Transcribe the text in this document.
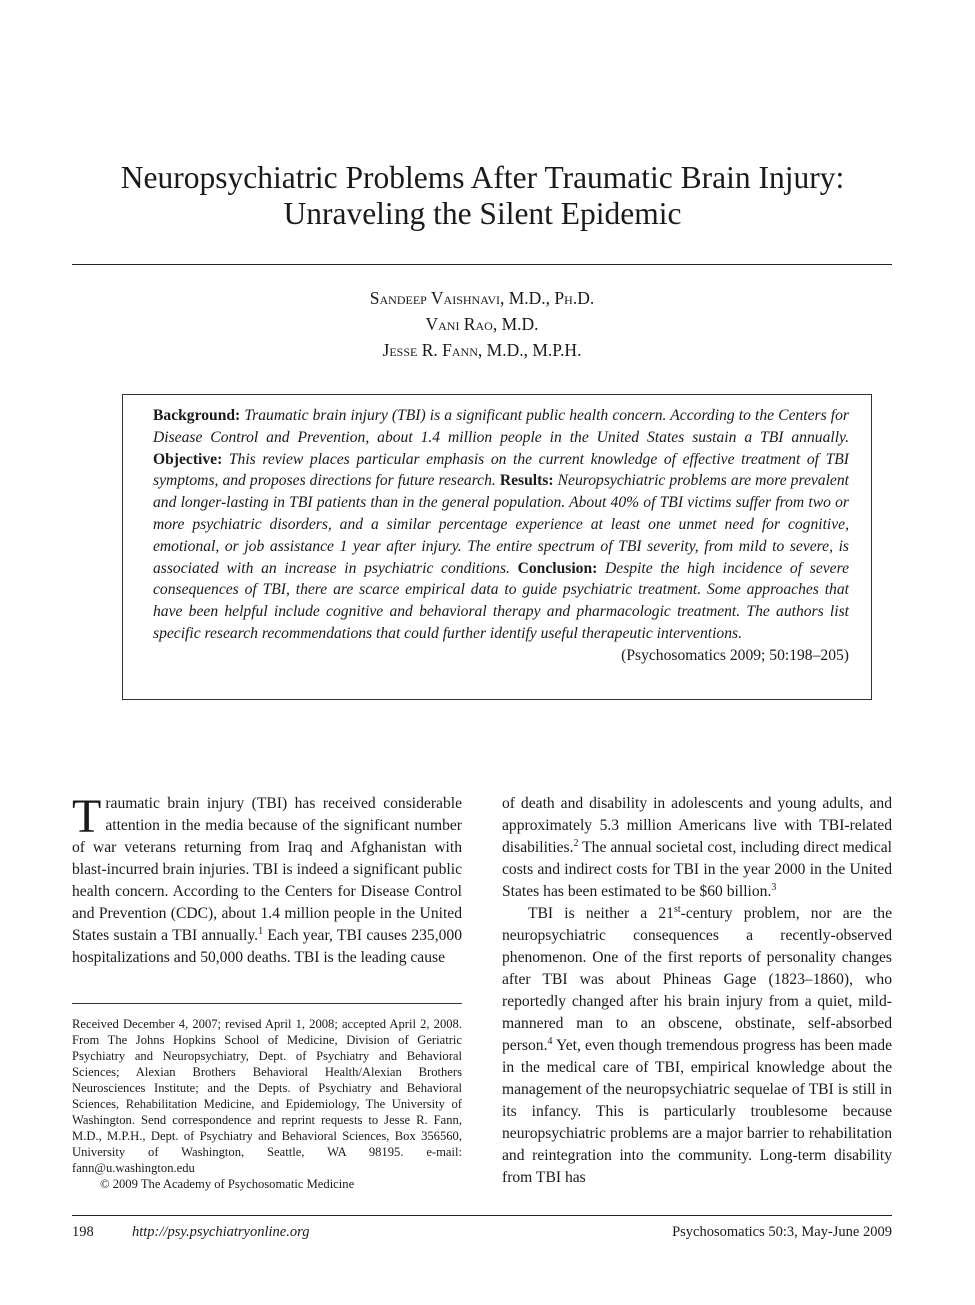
Neuropsychiatric Problems After Traumatic Brain Injury:
Unraveling the Silent Epidemic
Sandeep Vaishnavi, M.D., Ph.D.
Vani Rao, M.D.
Jesse R. Fann, M.D., M.P.H.
Background: Traumatic brain injury (TBI) is a significant public health concern. According to the Centers for Disease Control and Prevention, about 1.4 million people in the United States sustain a TBI annually. Objective: This review places particular emphasis on the current knowledge of effective treatment of TBI symptoms, and proposes directions for future research. Results: Neuropsychiatric problems are more prevalent and longer-lasting in TBI patients than in the general population. About 40% of TBI victims suffer from two or more psychiatric disorders, and a similar percentage experience at least one unmet need for cognitive, emotional, or job assistance 1 year after injury. The entire spectrum of TBI severity, from mild to severe, is associated with an increase in psychiatric conditions. Conclusion: Despite the high incidence of severe consequences of TBI, there are scarce empirical data to guide psychiatric treatment. Some approaches that have been helpful include cognitive and behavioral therapy and pharmacologic treatment. The authors list specific research recommendations that could further identify useful therapeutic interventions.
(Psychosomatics 2009; 50:198–205)

Traumatic brain injury (TBI) has received considerable attention in the media because of the significant number of war veterans returning from Iraq and Afghanistan with blast-incurred brain injuries. TBI is indeed a significant public health concern. According to the Centers for Disease Control and Prevention (CDC), about 1.4 million people in the United States sustain a TBI annually.$^1$ Each year, TBI causes 235,000 hospitalizations and 50,000 deaths. TBI is the leading cause

Received December 4, 2007; revised April 1, 2008; accepted April 2, 2008. From The Johns Hopkins School of Medicine, Division of Geriatric Psychiatry and Neuropsychiatry, Dept. of Psychiatry and Behavioral Sciences; Alexian Brothers Behavioral Health/Alexian Brothers Neurosciences Institute; and the Depts. of Psychiatry and Behavioral Sciences, Rehabilitation Medicine, and Epidemiology, The University of Washington. Send correspondence and reprint requests to Jesse R. Fann, M.D., M.P.H., Dept. of Psychiatry and Behavioral Sciences, Box 356560, University of Washington, Seattle, WA 98195. e-mail: fann@u.washington.edu

© 2009 The Academy of Psychosomatic Medicine

of death and disability in adolescents and young adults, and approximately 5.3 million Americans live with TBI-related disabilities.$^2$ The annual societal cost, including direct medical costs and indirect costs for TBI in the year 2000 in the United States has been estimated to be $60 billion.$^3$

TBI is neither a 21st-century problem, nor are the neuropsychiatric consequences a recently-observed phenomenon. One of the first reports of personality changes after TBI was about Phineas Gage (1823–1860), who reportedly changed after his brain injury from a quiet, mild-mannered man to an obscene, obstinate, self-absorbed person.$^4$ Yet, even though tremendous progress has been made in the medical care of TBI, empirical knowledge about the management of the neuropsychiatric sequelae of TBI is still in its infancy. This is particularly troublesome because neuropsychiatric problems are a major barrier to rehabilitation and reintegration into the community. Long-term disability from TBI has

198	http://psy.psychiatryonline.org	Psychosomatics 50:3, May-June 2009
